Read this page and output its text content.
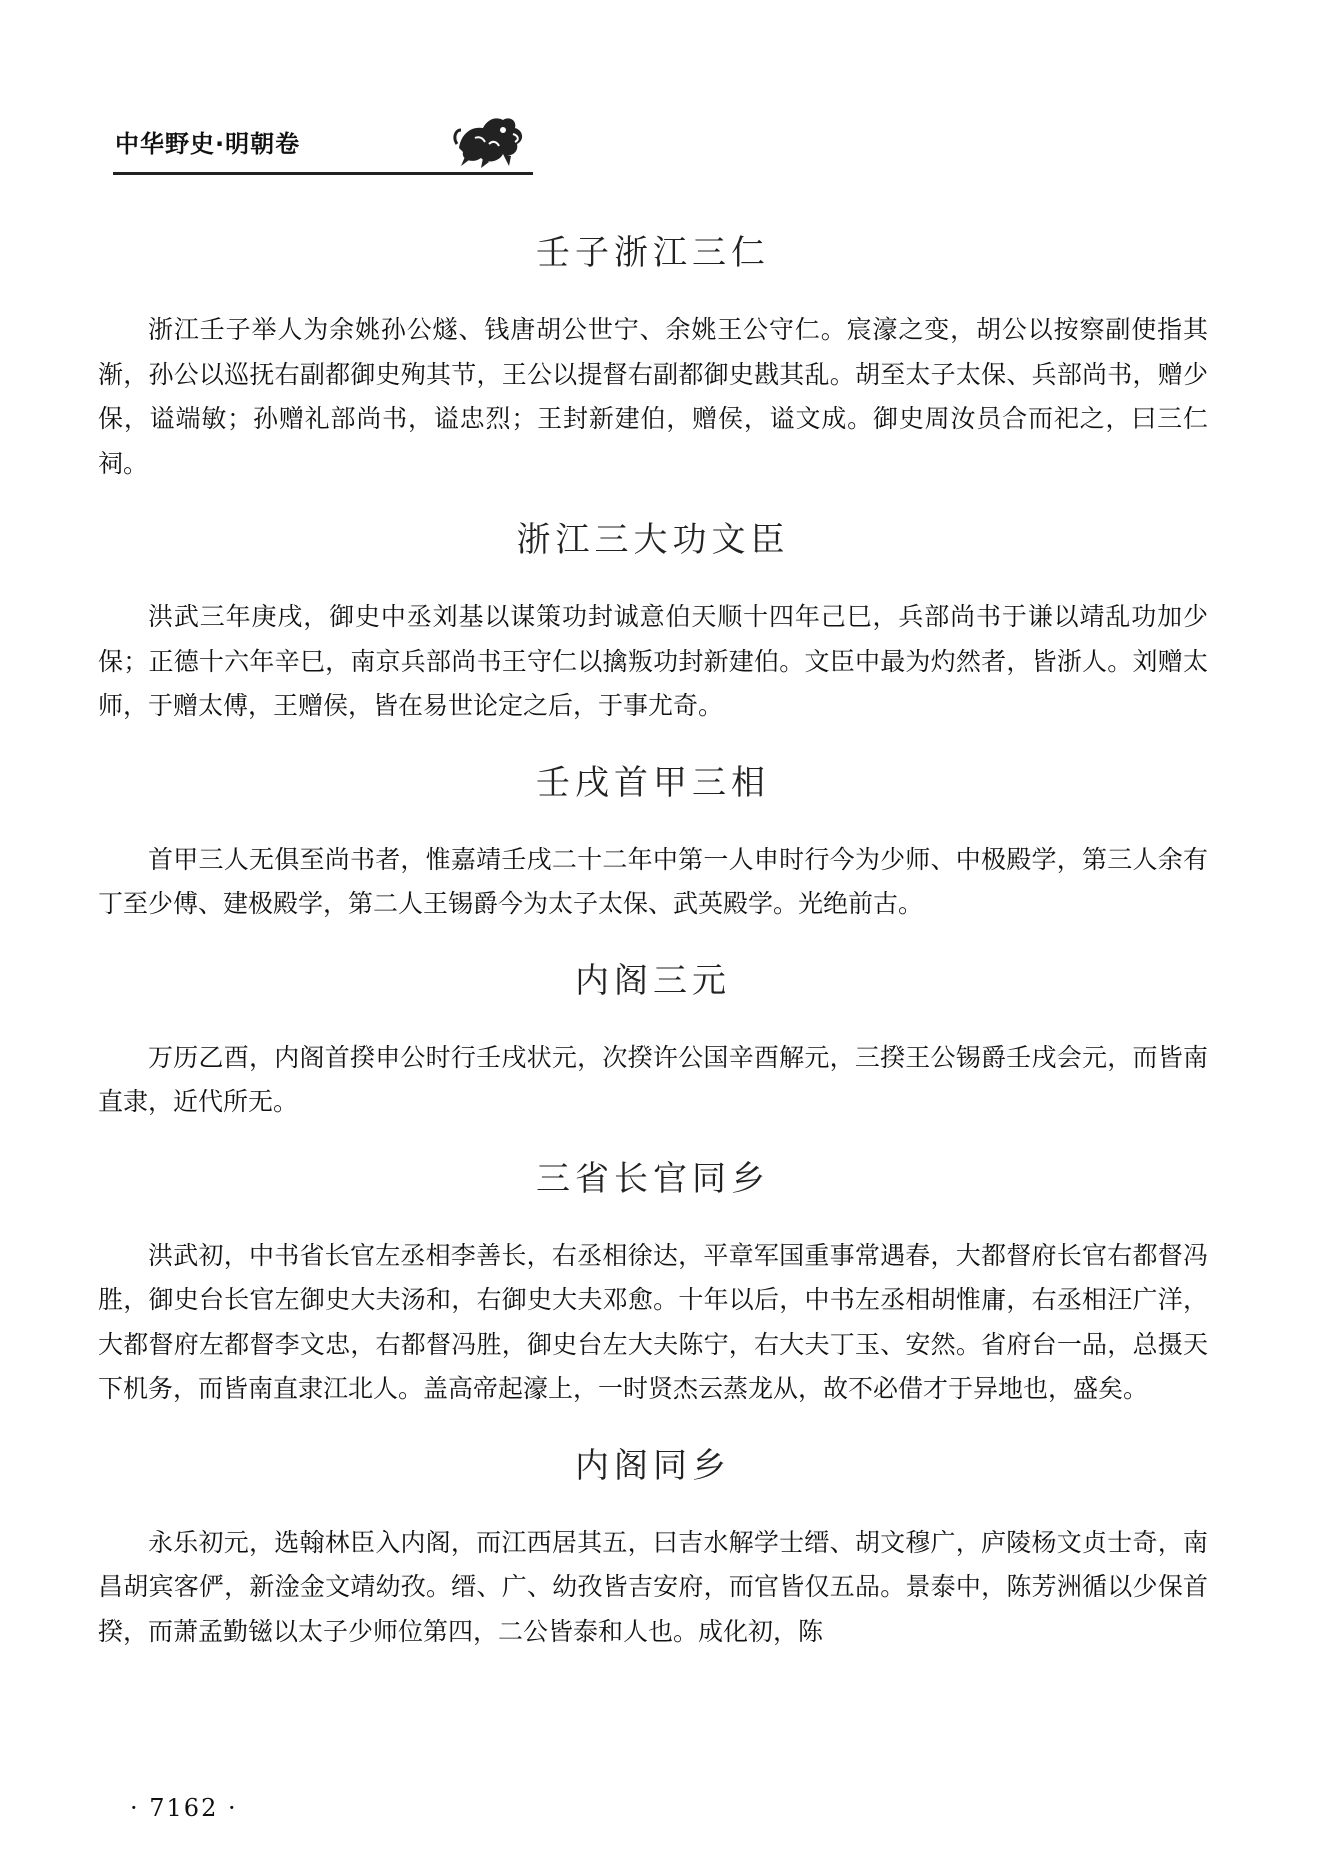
中华野史·明朝卷
壬子浙江三仁

浙江壬子举人为余姚孙公燧、钱唐胡公世宁、余姚王公守仁。宸濠之变，胡公以按察副使指其渐，孙公以巡抚右副都御史殉其节，王公以提督右副都御史戡其乱。胡至太子太保、兵部尚书，赠少保，谥端敏；孙赠礼部尚书，谥忠烈；王封新建伯，赠侯，谥文成。御史周汝员合而祀之，曰三仁祠。

浙江三大功文臣

洪武三年庚戌，御史中丞刘基以谋策功封诚意伯天顺十四年己巳，兵部尚书于谦以靖乱功加少保；正德十六年辛巳，南京兵部尚书王守仁以擒叛功封新建伯。文臣中最为灼然者，皆浙人。刘赠太师，于赠太傅，王赠侯，皆在易世论定之后，于事尤奇。

壬戌首甲三相

首甲三人无俱至尚书者，惟嘉靖壬戌二十二年中第一人申时行今为少师、中极殿学，第三人余有丁至少傅、建极殿学，第二人王锡爵今为太子太保、武英殿学。光绝前古。

内阁三元

万历乙酉，内阁首揆申公时行壬戌状元，次揆许公国辛酉解元，三揆王公锡爵壬戌会元，而皆南直隶，近代所无。

三省长官同乡

洪武初，中书省长官左丞相李善长，右丞相徐达，平章军国重事常遇春，大都督府长官右都督冯胜，御史台长官左御史大夫汤和，右御史大夫邓愈。十年以后，中书左丞相胡惟庸，右丞相汪广洋，大都督府左都督李文忠，右都督冯胜，御史台左大夫陈宁，右大夫丁玉、安然。省府台一品，总摄天下机务，而皆南直隶江北人。盖高帝起濠上，一时贤杰云蒸龙从，故不必借才于异地也，盛矣。

内阁同乡

永乐初元，选翰林臣入内阁，而江西居其五，曰吉水解学士缙、胡文穆广，庐陵杨文贞士奇，南昌胡宾客俨，新淦金文靖幼孜。缙、广、幼孜皆吉安府，而官皆仅五品。景泰中，陈芳洲循以少保首揆，而萧孟勤镃以太子少师位第四，二公皆泰和人也。成化初，陈

· 7162 ·
